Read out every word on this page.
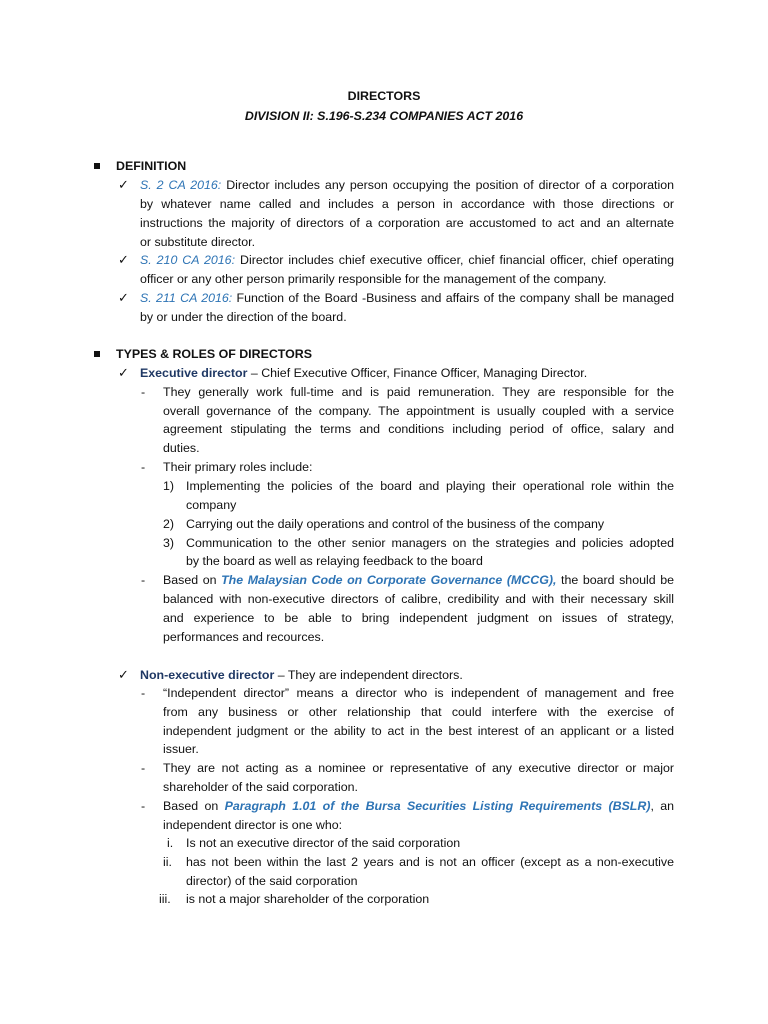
DIRECTORS
DIVISION II: S.196-S.234 COMPANIES ACT 2016
DEFINITION
✓ S. 2 CA 2016: Director includes any person occupying the position of director of a corporation
by whatever name called and includes a person in accordance with those directions or
instructions the majority of directors of a corporation are accustomed to act and an alternate
or substitute director.
✓ S. 210 CA 2016: Director includes chief executive officer, chief financial officer, chief operating
officer or any other person primarily responsible for the management of the company.
✓ S. 211 CA 2016: Function of the Board -Business and affairs of the company shall be managed
by or under the direction of the board.
TYPES & ROLES OF DIRECTORS
✓ Executive director – Chief Executive Officer, Finance Officer, Managing Director.
- They generally work full-time and is paid remuneration. They are responsible for the
overall governance of the company. The appointment is usually coupled with a service
agreement stipulating the terms and conditions including period of office, salary and
duties.
- Their primary roles include:
1) Implementing the policies of the board and playing their operational role within the
company
2) Carrying out the daily operations and control of the business of the company
3) Communication to the other senior managers on the strategies and policies adopted
by the board as well as relaying feedback to the board
- Based on The Malaysian Code on Corporate Governance (MCCG), the board should be
balanced with non-executive directors of calibre, credibility and with their necessary skill
and experience to be able to bring independent judgment on issues of strategy,
performances and recources.
✓ Non-executive director – They are independent directors.
- “Independent director” means a director who is independent of management and free
from any business or other relationship that could interfere with the exercise of
independent judgment or the ability to act in the best interest of an applicant or a listed
issuer.
- They are not acting as a nominee or representative of any executive director or major
shareholder of the said corporation.
- Based on Paragraph 1.01 of the Bursa Securities Listing Requirements (BSLR), an
independent director is one who:
i. Is not an executive director of the said corporation
ii. has not been within the last 2 years and is not an officer (except as a non-executive
director) of the said corporation
iii. is not a major shareholder of the corporation
